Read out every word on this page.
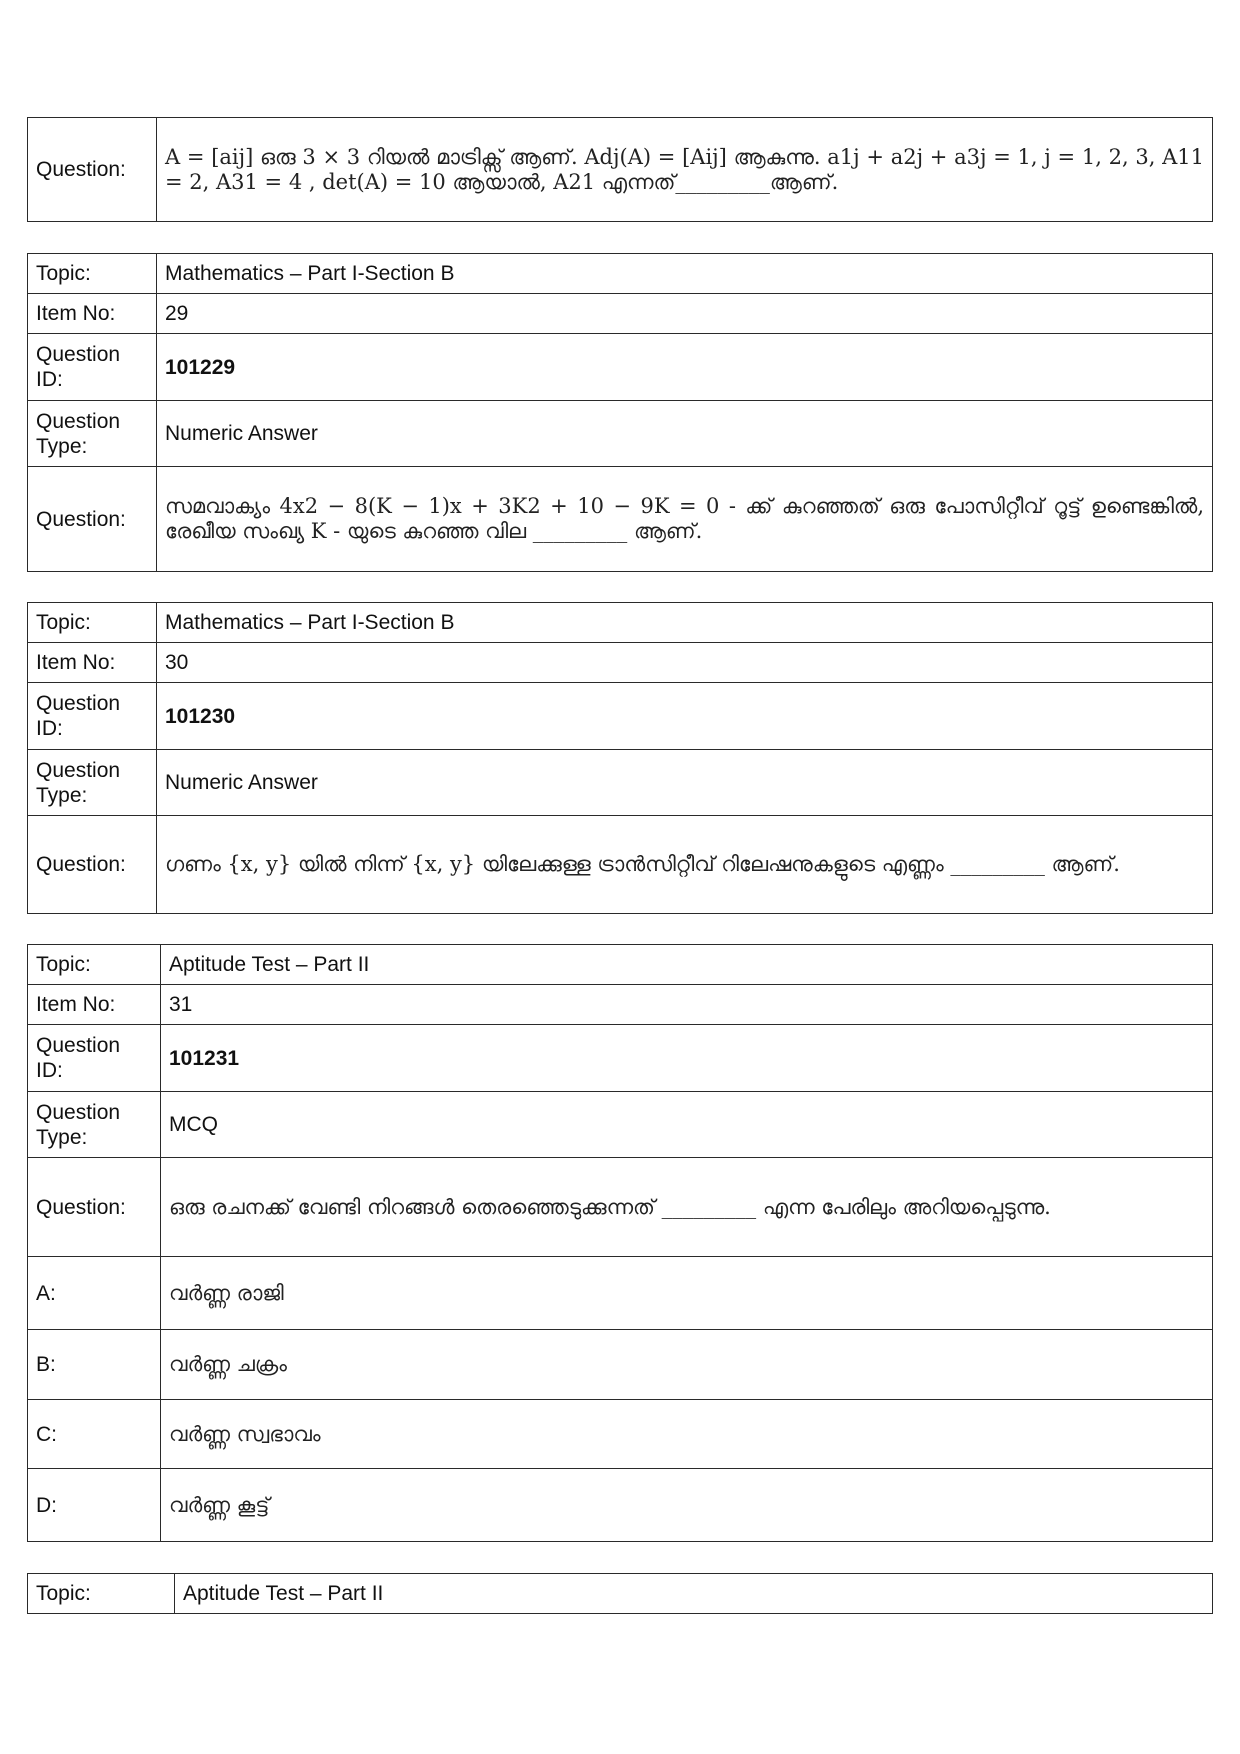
Question:	A = [aij] ഒരു 3 × 3 റിയൽ മാട്രിക്സ് ആണ്. Adj(A) = [Aij] ആകുന്നു. a1j + a2j + a3j = 1, j = 1, 2, 3, A11 = 2, A31 = 4 , det(A) = 10 ആയാൽ, A21 എന്നത്_________ആണ്.
Topic:	Mathematics – Part I-Section B
Item No:	29
Question ID:	101229
Question Type:	Numeric Answer
Question:	സമവാക്യം 4x2 − 8(K − 1)x + 3K2 + 10 − 9K = 0 - ക്ക് കുറഞ്ഞത് ഒരു പോസിറ്റീവ് റൂട്ട് ഉണ്ടെങ്കിൽ, രേഖീയ സംഖ്യ K - യുടെ കുറഞ്ഞ വില _________ ആണ്.
Topic:	Mathematics – Part I-Section B
Item No:	30
Question ID:	101230
Question Type:	Numeric Answer
Question:	ഗണം {x, y} യിൽ നിന്ന് {x, y} യിലേക്കുള്ള ട്രാൻസിറ്റീവ് റിലേഷനുകളുടെ എണ്ണം _________ ആണ്.
Topic:	Aptitude Test – Part II
Item No:	31
Question ID:	101231
Question Type:	MCQ
Question:	ഒരു രചനക്ക് വേണ്ടി നിറങ്ങൾ തെരഞ്ഞെടുക്കുന്നത് _________ എന്ന പേരിലും അറിയപ്പെടുന്നു.
A:	വർണ്ണ രാജി
B:	വർണ്ണ ചക്രം
C:	വർണ്ണ സ്വഭാവം
D:	വർണ്ണ കൂട്ട്
Topic:	Aptitude Test – Part II
